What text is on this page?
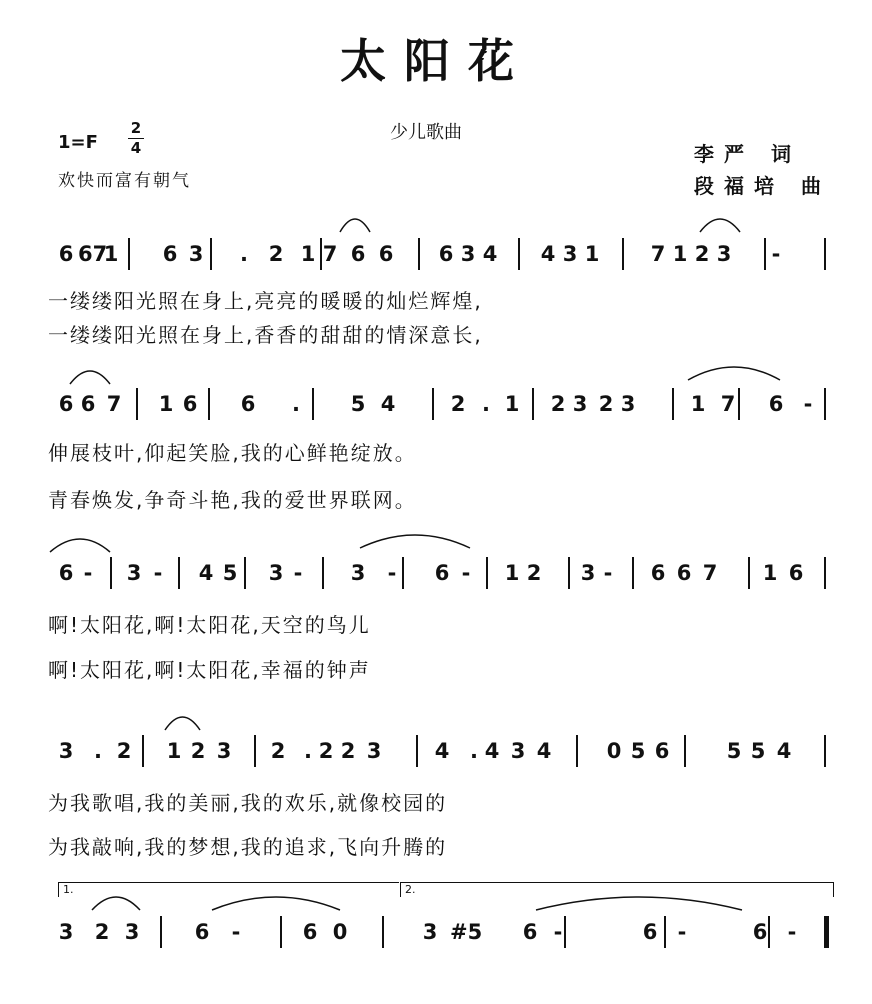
太阳花
少儿歌曲
1=F
2
4
欢快而富有朝气
李严 词
段福培 曲
6 67
1 6 3 . 2 1 7 6 6 6 3 4 4 3 1 7 1 2 3 -
一缕缕阳光照在身上,亮亮的暖暖的灿烂辉煌,
一缕缕阳光照在身上,香香的甜甜的情深意长,
6 6 7 1 6 6 . 5 4	2 . 1 2 3 2 3	1 7 6 -
伸展枝叶,仰起笑脸,我的心鲜艳绽放。
青春焕发,争奇斗艳,我的爱世界联网。
6 - 3 - 4 5 3 - 3 - 6 - 1 2 3 - 6 6 7 1 6
啊!太阳花,啊!太阳花,天空的鸟儿
啊!太阳花,啊!太阳花,幸福的钟声
3 . 2 1 2 3 2 . 2 2 3	4 . 4 3 4	0 5 6	5 5 4
为我歌唱,我的美丽,我的欢乐,就像校园的
为我敲响,我的梦想,我的追求,飞向升腾的
1.	2.
3 2 3	6 -	6 0	3 #5 6 -	6 -	6 -
